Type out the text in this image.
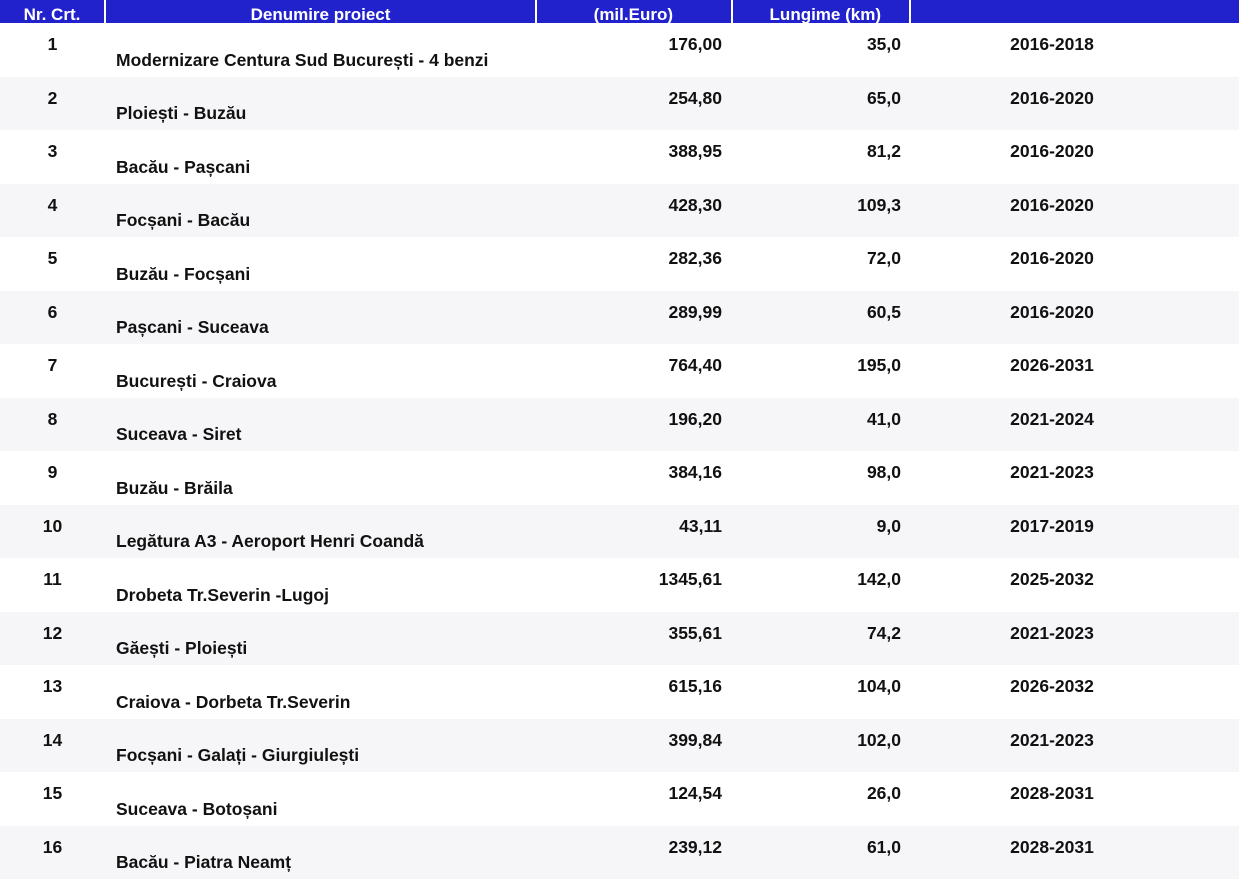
Nr. Crt.	Denumire proiect	(mil.Euro)	Lungime (km)	
1	Modernizare Centura Sud București - 4 benzi	176,00	35,0	2016-2018
2	Ploiești - Buzău	254,80	65,0	2016-2020
3	Bacău - Pașcani	388,95	81,2	2016-2020
4	Focșani - Bacău	428,30	109,3	2016-2020
5	Buzău - Focșani	282,36	72,0	2016-2020
6	Pașcani - Suceava	289,99	60,5	2016-2020
7	București - Craiova	764,40	195,0	2026-2031
8	Suceava - Siret	196,20	41,0	2021-2024
9	Buzău - Brăila	384,16	98,0	2021-2023
10	Legătura A3 - Aeroport Henri Coandă	43,11	9,0	2017-2019
11	Drobeta Tr.Severin -Lugoj	1345,61	142,0	2025-2032
12	Găești - Ploiești	355,61	74,2	2021-2023
13	Craiova - Dorbeta Tr.Severin	615,16	104,0	2026-2032
14	Focșani - Galați - Giurgiulești	399,84	102,0	2021-2023
15	Suceava - Botoșani	124,54	26,0	2028-2031
16	Bacău - Piatra Neamț	239,12	61,0	2028-2031
